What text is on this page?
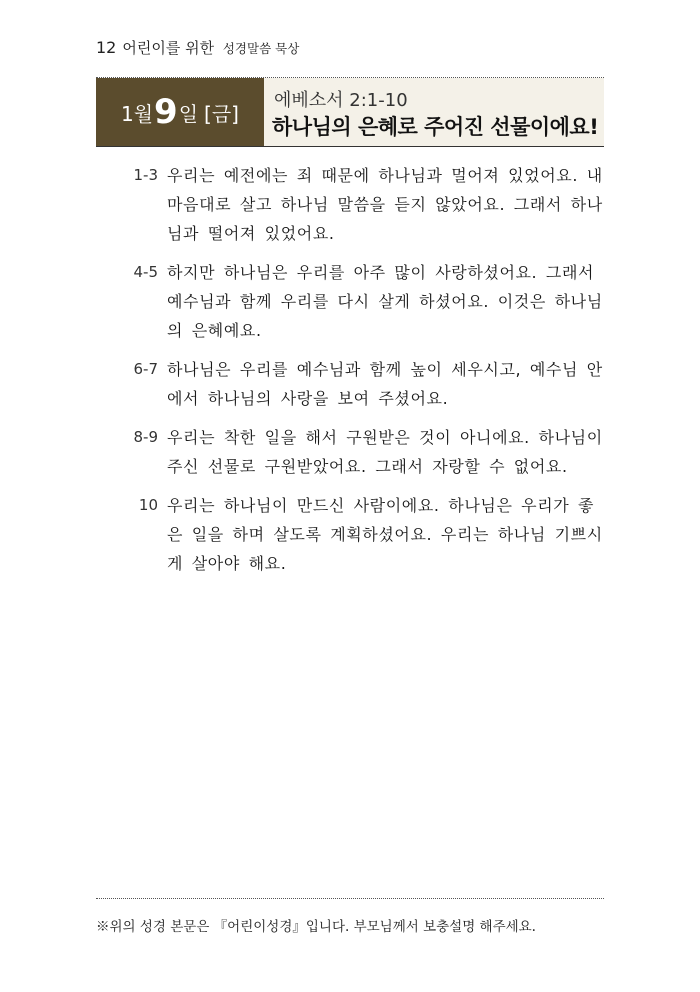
12 어린이를 위한 성경말씀 묵상
1월 9 일 [금]
에베소서 2:1-10
하나님의 은혜로 주어진 선물이에요!
1-3 우리는 예전에는 죄 때문에 하나님과 멀어져 있었어요. 내 마음대로 살고 하나님 말씀을 듣지 않았어요. 그래서 하나님과 떨어져 있었어요.
4-5 하지만 하나님은 우리를 아주 많이 사랑하셨어요. 그래서 예수님과 함께 우리를 다시 살게 하셨어요. 이것은 하나님의 은혜예요.
6-7 하나님은 우리를 예수님과 함께 높이 세우시고, 예수님 안에서 하나님의 사랑을 보여 주셨어요.
8-9 우리는 착한 일을 해서 구원받은 것이 아니에요. 하나님이 주신 선물로 구원받았어요. 그래서 자랑할 수 없어요.
10 우리는 하나님이 만드신 사람이에요. 하나님은 우리가 좋은 일을 하며 살도록 계획하셨어요. 우리는 하나님 기쁘시게 살아야 해요.
※위의 성경 본문은 『어린이성경』입니다. 부모님께서 보충설명 해주세요.
